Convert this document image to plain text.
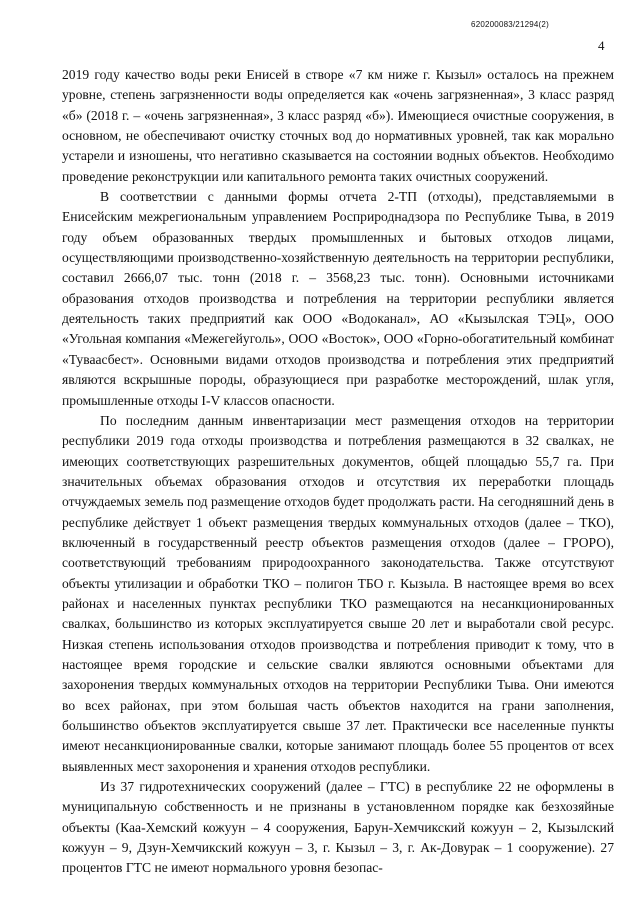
620200083/21294(2)
4

2019 году качество воды реки Енисей в створе «7 км ниже г. Кызыл» осталось на прежнем уровне, степень загрязненности воды определяется как «очень загрязненная», 3 класс разряд «б» (2018 г. – «очень загрязненная», 3 класс разряд «б»). Имеющиеся очистные сооружения, в основном, не обеспечивают очистку сточных вод до нормативных уровней, так как морально устарели и изношены, что негативно сказывается на состоянии водных объектов. Необходимо проведение реконструкции или капитального ремонта таких очистных сооружений.

В соответствии с данными формы отчета 2-ТП (отходы), представляемыми в Енисейским межрегиональным управлением Росприроднадзора по Республике Тыва, в 2019 году объем образованных твердых промышленных и бытовых отходов лицами, осуществляющими производственно-хозяйственную деятельность на территории республики, составил 2666,07 тыс. тонн (2018 г. – 3568,23 тыс. тонн). Основными источниками образования отходов производства и потребления на территории республики является деятельность таких предприятий как ООО «Водоканал», АО «Кызылская ТЭЦ», ООО «Угольная компания «Межегейуголь», ООО «Восток», ООО «Горно-обогатительный комбинат «Туваасбест». Основными видами отходов производства и потребления этих предприятий являются вскрышные породы, образующиеся при разработке месторождений, шлак угля, промышленные отходы I-V классов опасности.

По последним данным инвентаризации мест размещения отходов на территории республики 2019 года отходы производства и потребления размещаются в 32 свалках, не имеющих соответствующих разрешительных документов, общей площадью 55,7 га. При значительных объемах образования отходов и отсутствия их переработки площадь отчуждаемых земель под размещение отходов будет продолжать расти. На сегодняшний день в республике действует 1 объект размещения твердых коммунальных отходов (далее – ТКО), включенный в государственный реестр объектов размещения отходов (далее – ГРОРО), соответствующий требованиям природоохранного законодательства. Также отсутствуют объекты утилизации и обработки ТКО – полигон ТБО г. Кызыла. В настоящее время во всех районах и населенных пунктах республики ТКО размещаются на несанкционированных свалках, большинство из которых эксплуатируется свыше 20 лет и выработали свой ресурс. Низкая степень использования отходов производства и потребления приводит к тому, что в настоящее время городские и сельские свалки являются основными объектами для захоронения твердых коммунальных отходов на территории Республики Тыва. Они имеются во всех районах, при этом большая часть объектов находится на грани заполнения, большинство объектов эксплуатируется свыше 37 лет. Практически все населенные пункты имеют несанкционированные свалки, которые занимают площадь более 55 процентов от всех выявленных мест захоронения и хранения отходов республики.

Из 37 гидротехнических сооружений (далее – ГТС) в республике 22 не оформлены в муниципальную собственность и не признаны в установленном порядке как безхозяйные объекты (Каа-Хемский кожуун – 4 сооружения, Барун-Хемчикский кожуун – 2, Кызылский кожуун – 9, Дзун-Хемчикский кожуун – 3, г. Кызыл – 3, г. Ак-Довурак – 1 сооружение). 27 процентов ГТС не имеют нормального уровня безопас-
